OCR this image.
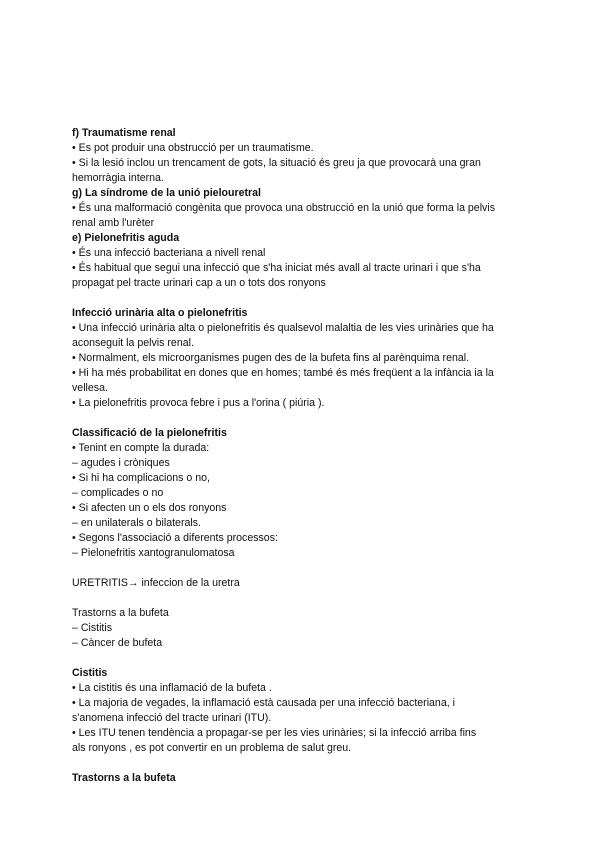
f) Traumatisme renal
• Es pot produir una obstrucció per un traumatisme.
• Si la lesió inclou un trencament de gots, la situació és greu ja que provocarà una gran
hemorràgia interna.
g) La síndrome de la unió pielouretral
• És una malformació congènita que provoca una obstrucció en la unió que forma la pelvis
renal amb l'urèter
e) Pielonefritis aguda
• És una infecció bacteriana a nivell renal
• És habitual que segui una infecció que s'ha iniciat més avall al tracte urinari i que s'ha
propagat pel tracte urinari cap a un o tots dos ronyons
Infecció urinària alta o pielonefritis
• Una infecció urinària alta o pielonefritis és qualsevol malaltia de les vies urinàries que ha
aconseguit la pelvis renal.
• Normalment, els microorganismes pugen des de la bufeta fins al parènquima renal.
• Hi ha més probabilitat en dones que en homes; també és més freqüent a la infància ia la
vellesa.
• La pielonefritis provoca febre i pus a l'orina ( piúria ).
Classificació de la pielonefritis
• Tenint en compte la durada:
– agudes i cròniques
• Si hi ha complicacions o no,
– complicades o no
• Si afecten un o els dos ronyons
– en unilaterals o bilaterals.
• Segons l'associació a diferents processos:
– Pielonefritis xantogranulomatosa
URETRITIS→ infeccion de la uretra
Trastorns a la bufeta
– Cistitis
– Càncer de bufeta
Cistitis
• La cistitis és una inflamació de la bufeta .
• La majoria de vegades, la inflamació està causada per una infecció bacteriana, i
s'anomena infecció del tracte urinari (ITU).
• Les ITU tenen tendència a propagar-se per les vies urinàries; si la infecció arriba fins
als ronyons , es pot convertir en un problema de salut greu.
Trastorns a la bufeta
